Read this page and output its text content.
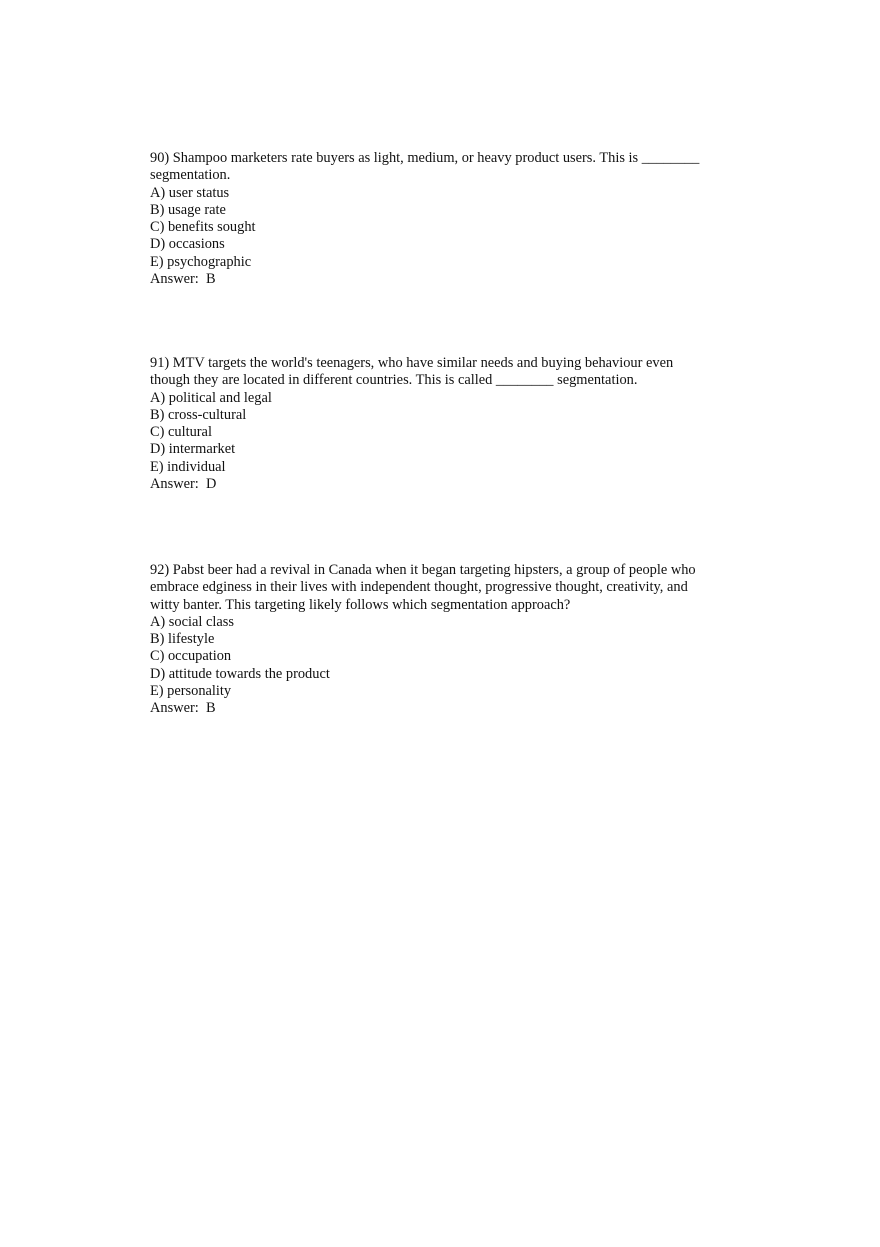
90) Shampoo marketers rate buyers as light, medium, or heavy product users. This is ________
segmentation.
A) user status
B) usage rate
C) benefits sought
D) occasions
E) psychographic
Answer:  B
91) MTV targets the world's teenagers, who have similar needs and buying behaviour even
though they are located in different countries. This is called ________ segmentation.
A) political and legal
B) cross-cultural
C) cultural
D) intermarket
E) individual
Answer:  D
92) Pabst beer had a revival in Canada when it began targeting hipsters, a group of people who
embrace edginess in their lives with independent thought, progressive thought, creativity, and
witty banter. This targeting likely follows which segmentation approach?
A) social class
B) lifestyle
C) occupation
D) attitude towards the product
E) personality
Answer:  B
